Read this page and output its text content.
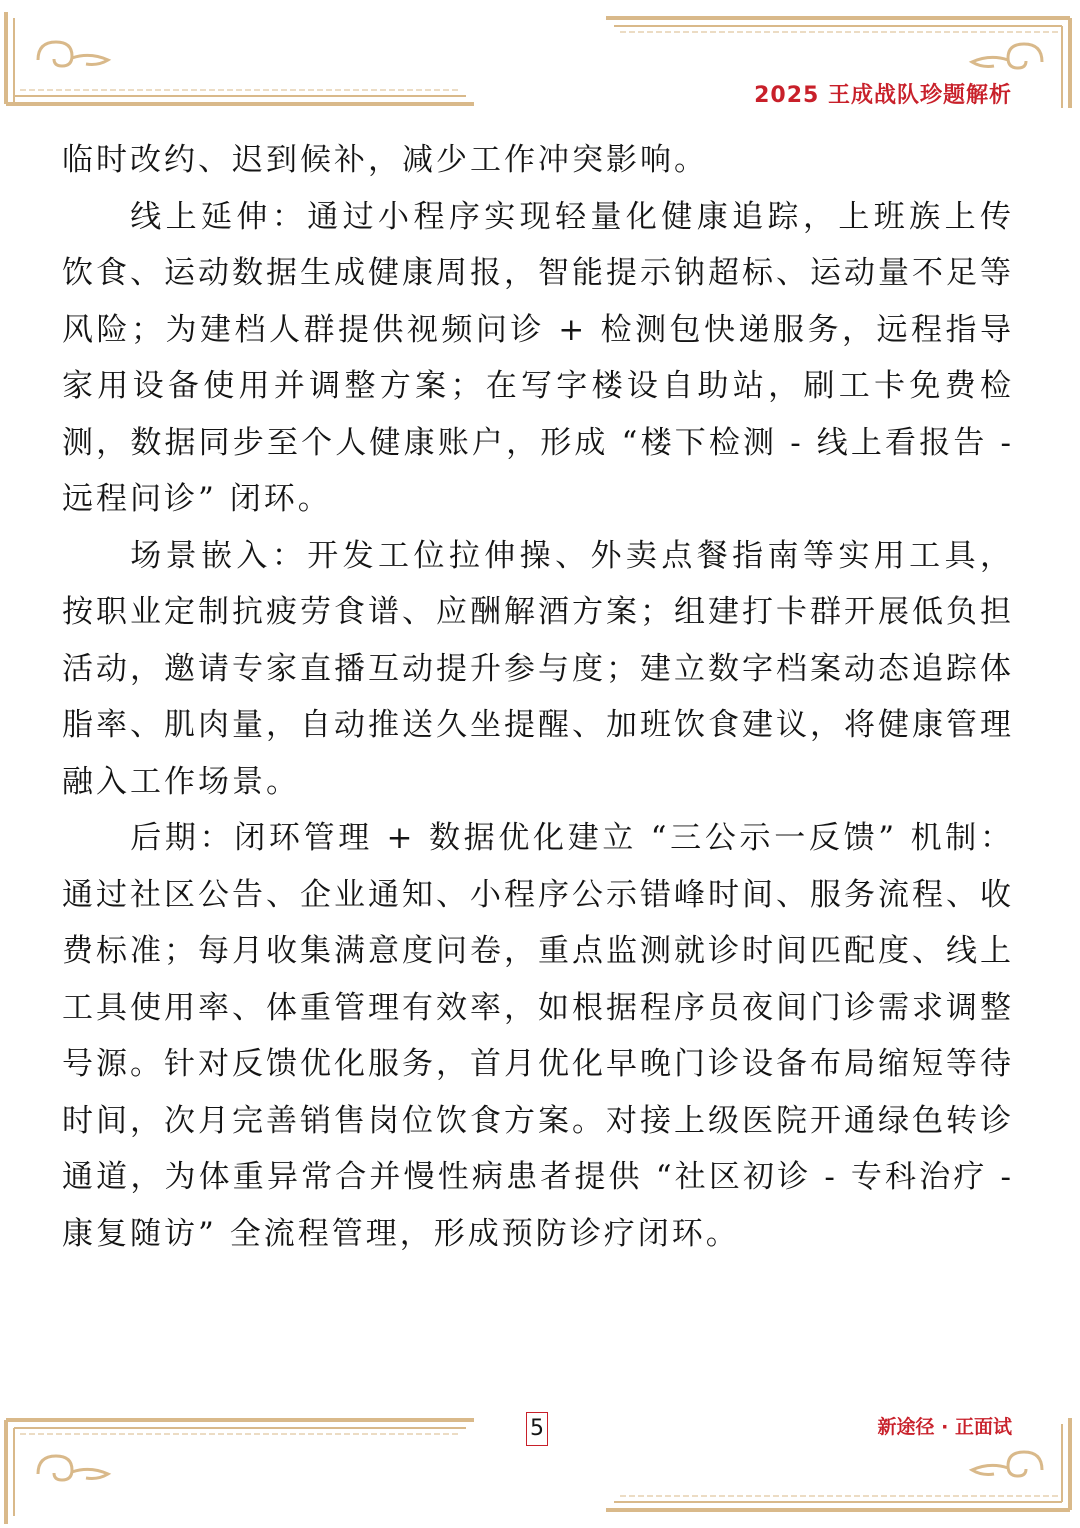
2025 王成战队珍题解析

临时改约、迟到候补，减少工作冲突影响。

线上延伸：通过小程序实现轻量化健康追踪，上班族上传饮食、运动数据生成健康周报，智能提示钠超标、运动量不足等风险；为建档人群提供视频问诊 + 检测包快递服务，远程指导家用设备使用并调整方案；在写字楼设自助站，刷工卡免费检测，数据同步至个人健康账户，形成 “楼下检测 - 线上看报告 - 远程问诊” 闭环。

场景嵌入：开发工位拉伸操、外卖点餐指南等实用工具，按职业定制抗疲劳食谱、应酬解酒方案；组建打卡群开展低负担活动，邀请专家直播互动提升参与度；建立数字档案动态追踪体脂率、肌肉量，自动推送久坐提醒、加班饮食建议，将健康管理融入工作场景。

后期：闭环管理 + 数据优化建立 “三公示一反馈” 机制：通过社区公告、企业通知、小程序公示错峰时间、服务流程、收费标准；每月收集满意度问卷，重点监测就诊时间匹配度、线上工具使用率、体重管理有效率，如根据程序员夜间门诊需求调整号源。针对反馈优化服务，首月优化早晚门诊设备布局缩短等待时间，次月完善销售岗位饮食方案。对接上级医院开通绿色转诊通道，为体重异常合并慢性病患者提供 “社区初诊 - 专科治疗 - 康复随访” 全流程管理，形成预防诊疗闭环。

5	新途径 · 正面试
